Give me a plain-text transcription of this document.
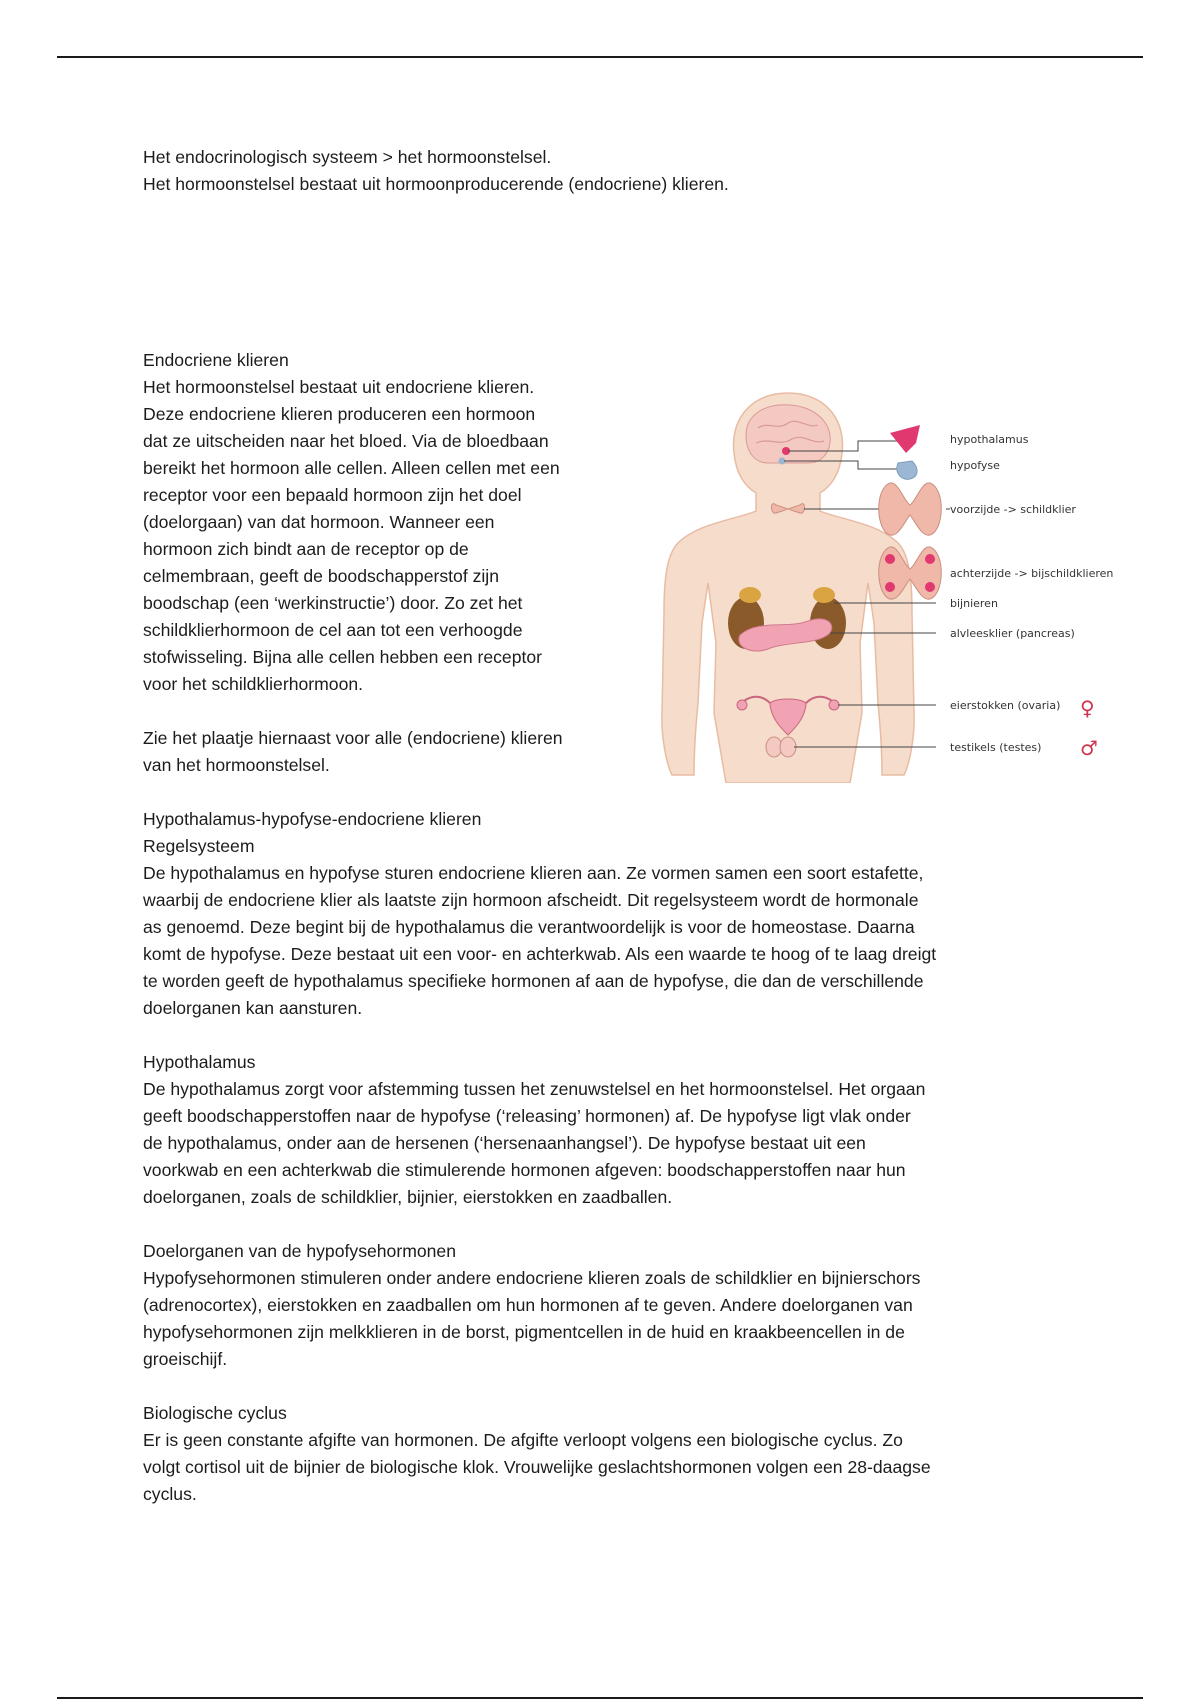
Het endocrinologisch systeem > het hormoonstelsel.

Het hormoonstelsel bestaat uit hormoonproducerende (endocriene) klieren.

Endocriene klieren

Het hormoonstelsel bestaat uit endocriene klieren.

Deze endocriene klieren produceren een hormoon

dat ze uitscheiden naar het bloed. Via de bloedbaan

bereikt het hormoon alle cellen. Alleen cellen met een

receptor voor een bepaald hormoon zijn het doel

(doelorgaan) van dat hormoon. Wanneer een

hormoon zich bindt aan de receptor op de

celmembraan, geeft de boodschapperstof zijn

boodschap (een ‘werkinstructie’) door. Zo zet het

schildklierhormoon de cel aan tot een verhoogde

stofwisseling. Bijna alle cellen hebben een receptor

voor het schildklierhormoon.

Zie het plaatje hiernaast voor alle (endocriene) klieren

van het hormoonstelsel.

hypothalamus
hypofyse
voorzijde -> schildklier
achterzijde -> bijschildklieren
bijnieren
alvleesklier (pancreas)
eierstokken (ovaria)
testikels (testes)
♀
♂

Hypothalamus-hypofyse-endocriene klieren

Regelsysteem

De hypothalamus en hypofyse sturen endocriene klieren aan. Ze vormen samen een soort estafette,

waarbij de endocriene klier als laatste zijn hormoon afscheidt. Dit regelsysteem wordt de hormonale

as genoemd. Deze begint bij de hypothalamus die verantwoordelijk is voor de homeostase. Daarna

komt de hypofyse. Deze bestaat uit een voor- en achterkwab. Als een waarde te hoog of te laag dreigt

te worden geeft de hypothalamus specifieke hormonen af aan de hypofyse, die dan de verschillende

doelorganen kan aansturen.

Hypothalamus

De hypothalamus zorgt voor afstemming tussen het zenuwstelsel en het hormoonstelsel. Het orgaan

geeft boodschapperstoffen naar de hypofyse (‘releasing’ hormonen) af. De hypofyse ligt vlak onder

de hypothalamus, onder aan de hersenen (‘hersenaanhangsel’). De hypofyse bestaat uit een

voorkwab en een achterkwab die stimulerende hormonen afgeven: boodschapperstoffen naar hun

doelorganen, zoals de schildklier, bijnier, eierstokken en zaadballen.

Doelorganen van de hypofysehormonen

Hypofysehormonen stimuleren onder andere endocriene klieren zoals de schildklier en bijnierschors

(adrenocortex), eierstokken en zaadballen om hun hormonen af te geven. Andere doelorganen van

hypofysehormonen zijn melkklieren in de borst, pigmentcellen in de huid en kraakbeencellen in de

groeischijf.

Biologische cyclus

Er is geen constante afgifte van hormonen. De afgifte verloopt volgens een biologische cyclus. Zo

volgt cortisol uit de bijnier de biologische klok. Vrouwelijke geslachtshormonen volgen een 28-daagse

cyclus.
